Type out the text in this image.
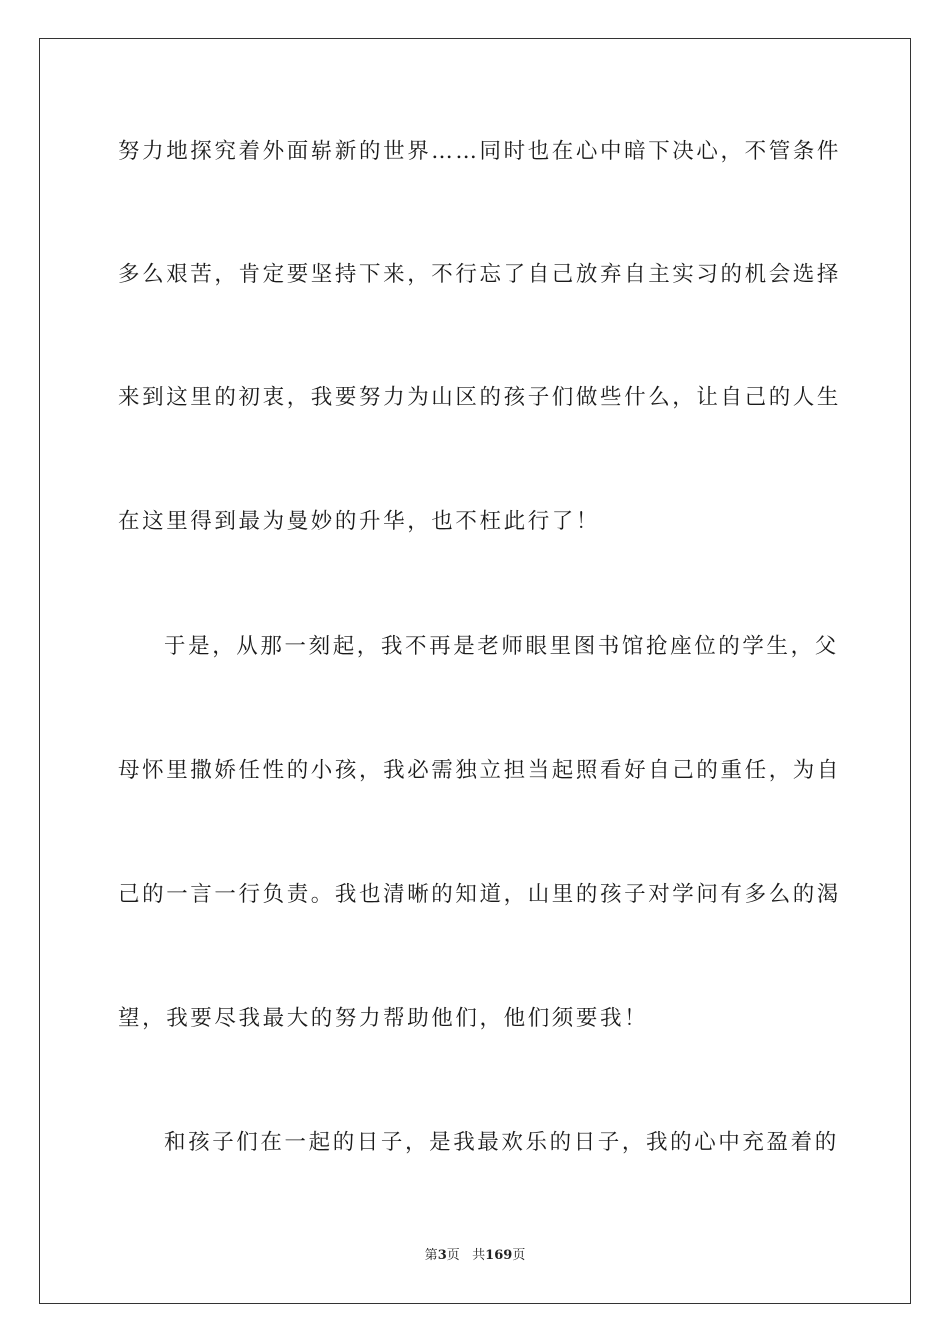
努力地探究着外面崭新的世界……同时也在心中暗下决心，不管条件
多么艰苦，肯定要坚持下来，不行忘了自己放弃自主实习的机会选择
来到这里的初衷，我要努力为山区的孩子们做些什么，让自己的人生
在这里得到最为曼妙的升华，也不枉此行了！
于是，从那一刻起，我不再是老师眼里图书馆抢座位的学生，父
母怀里撒娇任性的小孩，我必需独立担当起照看好自己的重任，为自
己的一言一行负责。我也清晰的知道，山里的孩子对学问有多么的渴
望，我要尽我最大的努力帮助他们，他们须要我！
和孩子们在一起的日子，是我最欢乐的日子，我的心中充盈着的
第3页 共169页
